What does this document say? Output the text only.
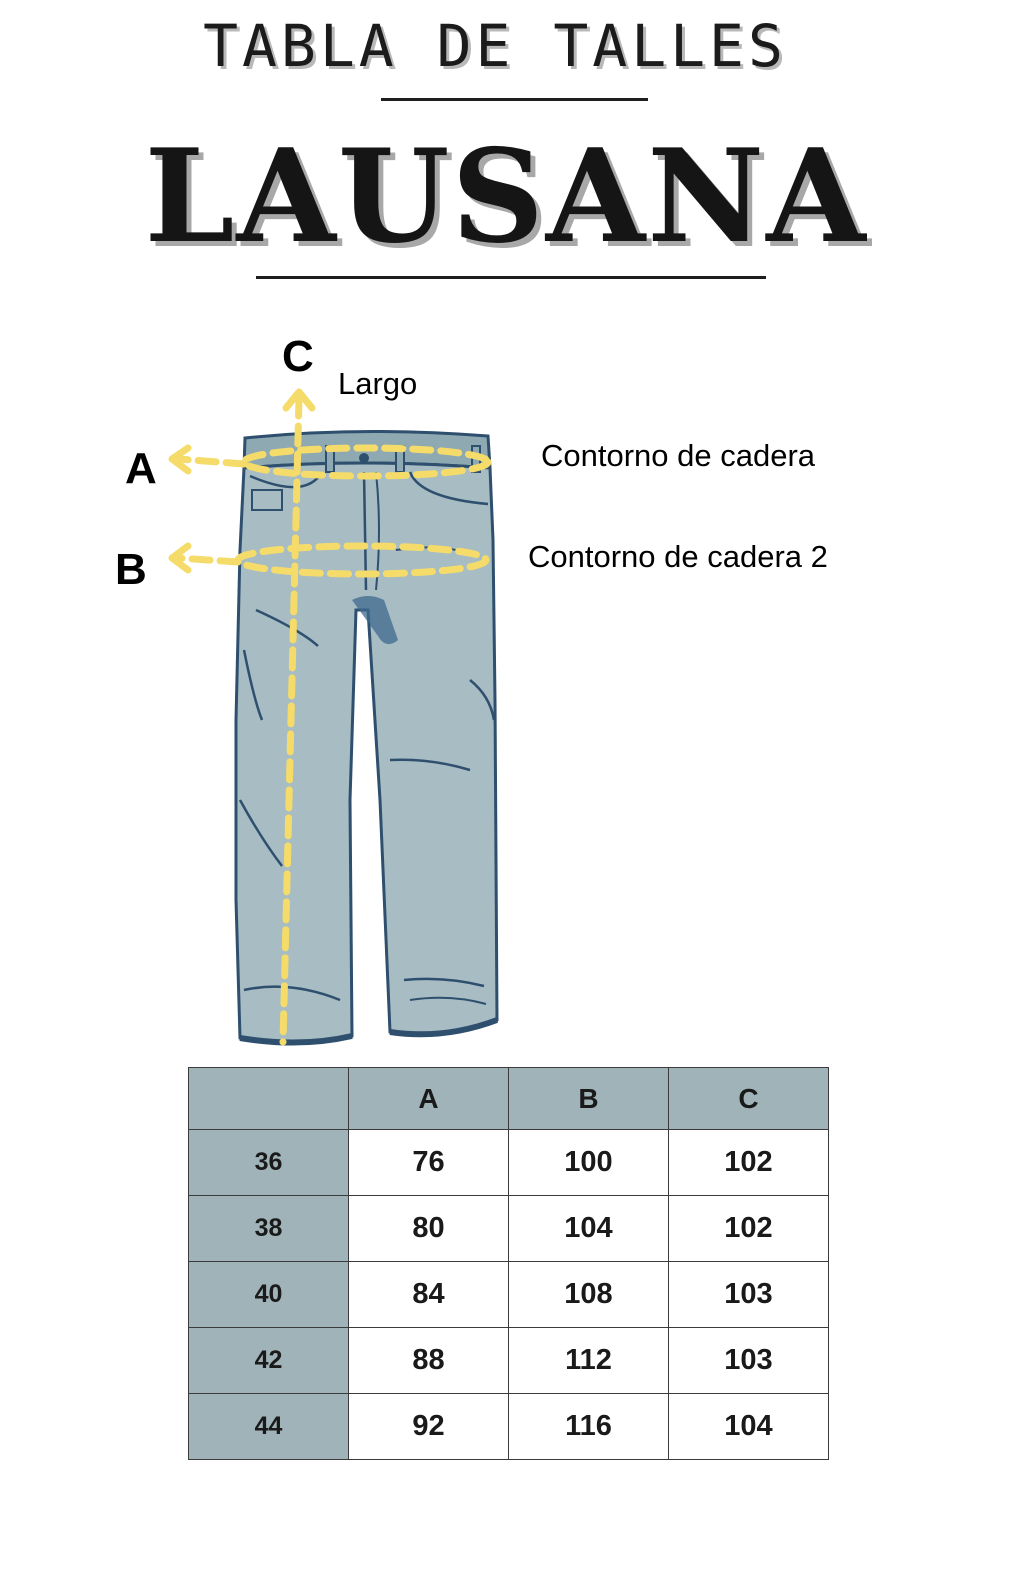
TABLA DE TALLES
LAUSANA
C
Largo
A	Contorno de cadera
B	Contorno de cadera 2
	A	B	C
36	76	100	102
38	80	104	102
40	84	108	103
42	88	112	103
44	92	116	104
